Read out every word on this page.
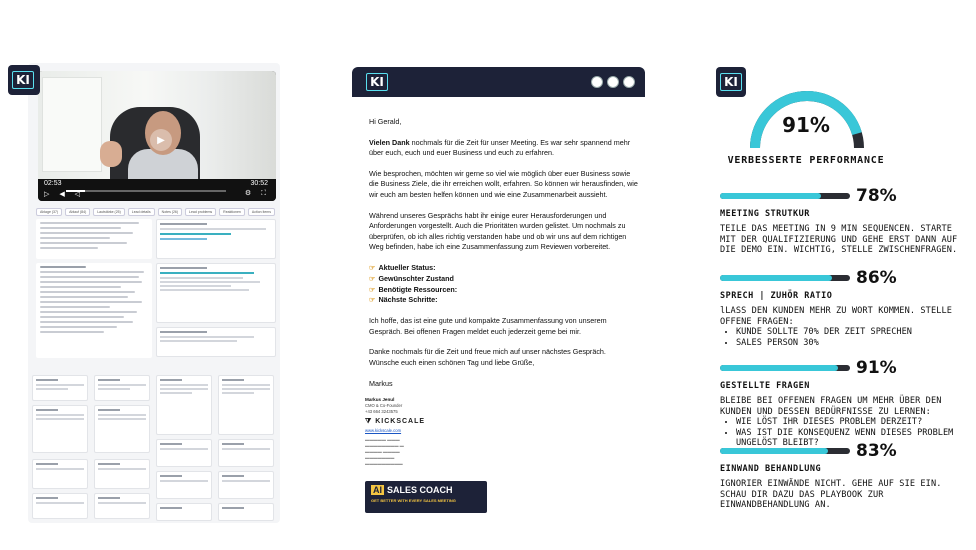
▶
02:53	30:52
▷ ◀ ◁	⚙ ⛶
Ablage (37)	Ablauf (84)	Lautstärke (25)	Lead details	Notes (26)	Lead problems	Reaktionen	Action items
KI	KI

Hi Gerald,

Vielen Dank nochmals für die Zeit für unser Meeting. Es war sehr spannend mehr über euch, euch und euer Business und euch zu erfahren.

Wie besprochen, möchten wir gerne so viel wie möglich über euer Business sowie die Business Ziele, die ihr erreichen wollt, erfahren. So können wir herausfinden, wie wir euch am besten helfen können und wie eine Zusammenarbeit aussieht.

Während unseres Gesprächs habt ihr einige eurer Herausforderungen und Anforderungen vorgestellt. Auch die Prioritäten wurden gelistet. Um nochmals zu überprüfen, ob ich alles richtig verstanden habe und ob wir uns auf dem richtigen Weg befinden, habe ich eine Zusammenfassung zum Reviewen vorbereitet.

☞ Aktueller Status:
☞ Gewünschter Zustand
☞ Benötigte Ressourcen:
☞ Nächste Schritte:

Ich hoffe, das ist eine gute und kompakte Zusammenfassung von unserem Gespräch. Bei offenen Fragen meldet euch jederzeit gerne bei mir.

Danke nochmals für die Zeit und freue mich auf unser nächstes Gespräch.

Wünsche euch einen schönen Tag und liebe Grüße,

Markus

Markus Jenul
CMO & Co-Founder
+43 664 3243575
⧩ KICKSCALE
www.kickscale.com
▬▬▬▬▬ ▬▬▬
▬▬▬▬▬▬▬▬ ▬
▬▬▬▬ ▬▬▬▬
▬▬▬▬▬▬▬
▬▬▬▬▬▬▬▬▬
AI SALES COACH
GET BETTER WITH EVERY SALES MEETING
KI
91%
VERBESSERTE PERFORMANCE
78%
MEETING STRUTKUR
TEILE DAS MEETING IN 9 MIN SEQUENCEN. STARTE MIT DER QUALIFIZIERUNG UND GEHE ERST DANN AUF DIE DEMO EIN. WICHTIG, STELLE ZWISCHENFRAGEN.
86%
SPRECH | ZUHÖR RATIO
lLASS DEN KUNDEN MEHR ZU WORT KOMMEN. STELLE OFFENE FRAGEN:
• KUNDE SOLLTE 70% DER ZEIT SPRECHEN
• SALES PERSON 30%
91%
GESTELLTE FRAGEN
BLEIBE BEI OFFENEN FRAGEN UM MEHR ÜBER DEN KUNDEN UND DESSEN BEDÜRFNISSE ZU LERNEN:
• WIE LÖST IHR DIESES PROBLEM DERZEIT?
• WAS IST DIE KONSEQUENZ WENN DIESES PROBLEM UNGELÖST BLEIBT?	83%
EINWAND BEHANDLUNG
IGNORIER EINWÄNDE NICHT. GEHE AUF SIE EIN. SCHAU DIR DAZU DAS PLAYBOOK ZUR EINWANDBEHANDLUNG AN.
